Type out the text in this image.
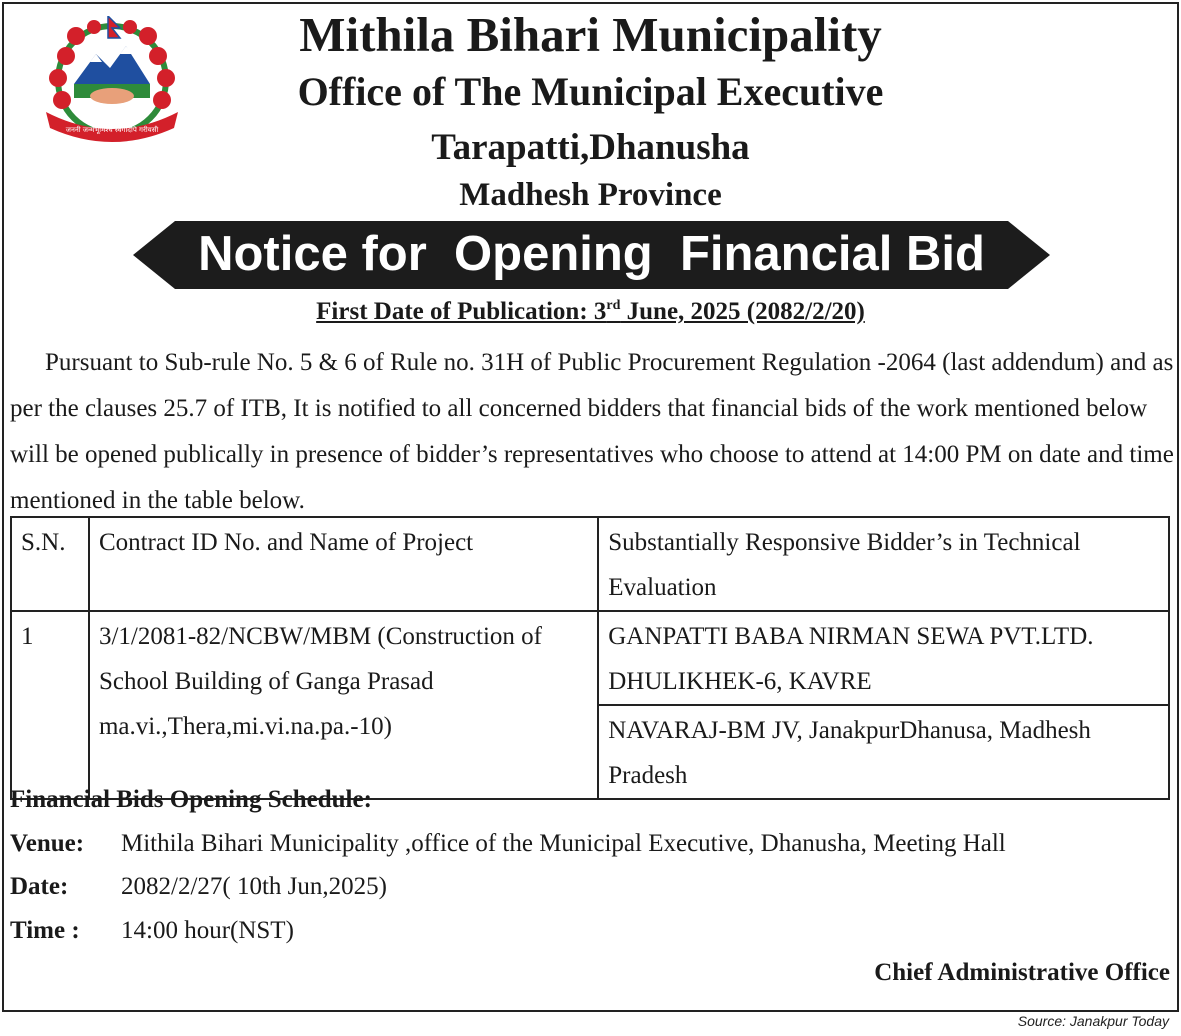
जननी जन्मभूमिश्च स्वर्गादपि गरीयसी
Mithila Bihari Municipality
Office of The Municipal Executive
Tarapatti,Dhanusha
Madhesh Province
Notice for  Opening  Financial Bid
First Date of Publication: 3rd June, 2025 (2082/2/20)

Pursuant to Sub-rule No. 5 & 6 of Rule no. 31H of Public Procurement Regulation -2064 (last addendum) and as per the clauses 25.7 of ITB, It is notified to all concerned bidders that financial bids of the work mentioned below will be opened publically in presence of bidder’s representatives who choose to attend at 14:00 PM on date and time mentioned in the table below.

S.N.	Contract ID No. and Name of Project	Substantially Responsive Bidder’s in Technical Evaluation
1	3/1/2081-82/NCBW/MBM (Construction of School Building of Ganga Prasad ma.vi.,Thera,mi.vi.na.pa.-10)	GANPATTI BABA NIRMAN SEWA PVT.LTD. DHULIKHEK-6, KAVRE
		NAVARAJ-BM JV, JanakpurDhanusa, Madhesh Pradesh
Financial Bids Opening Schedule:
Venue: Mithila Bihari Municipality ,office of the Municipal Executive, Dhanusha, Meeting Hall
Date: 2082/2/27( 10th Jun,2025)
Time : 14:00 hour(NST)
Chief Administrative Office
Source: Janakpur Today
